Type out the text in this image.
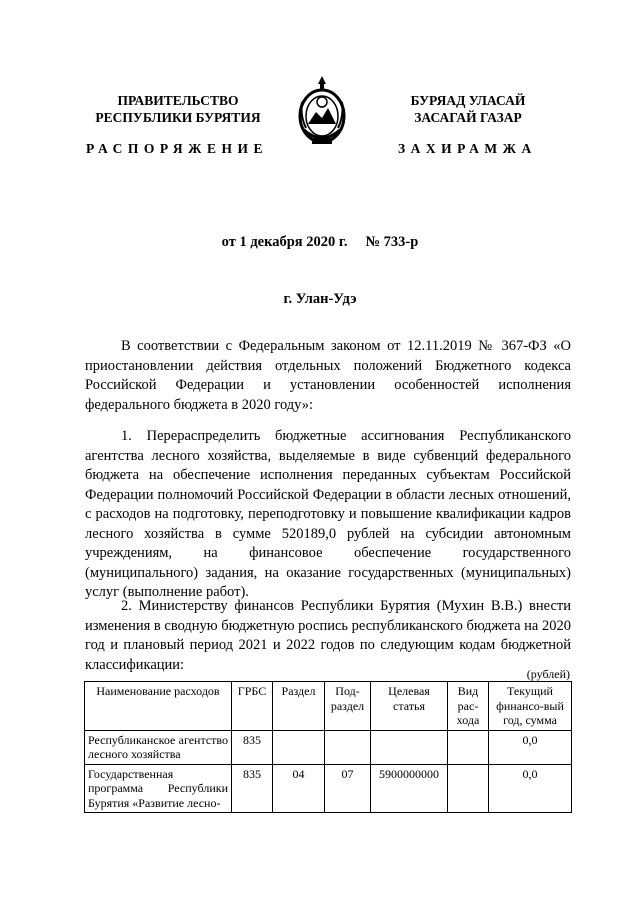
ПРАВИТЕЛЬСТВО
РЕСПУБЛИКИ БУРЯТИЯ
БУРЯАД УЛАСАЙ
ЗАСАГАЙ ГАЗАР
РАСПОРЯЖЕНИЕ	ЗАХИРАМЖА
от 1 декабря 2020 г. № 733-р
г. Улан-Удэ
В соответствии с Федеральным законом от 12.11.2019 № 367-ФЗ «О приостановлении действия отдельных положений Бюджетного кодекса Российской Федерации и установлении особенностей исполнения федерального бюджета в 2020 году»:
1. Перераспределить бюджетные ассигнования Республиканского агентства лесного хозяйства, выделяемые в виде субвенций федерального бюджета на обеспечение исполнения переданных субъектам Российской Федерации полномочий Российской Федерации в области лесных отношений, с расходов на подготовку, переподготовку и повышение квалификации кадров лесного хозяйства в сумме 520189,0 рублей на субсидии автономным учреждениям, на финансовое обеспечение государственного (муниципального) задания, на оказание государственных (муниципальных) услуг (выполнение работ).
2. Министерству финансов Республики Бурятия (Мухин В.В.) внести изменения в сводную бюджетную роспись республиканского бюджета на 2020 год и плановый период 2021 и 2022 годов по следующим кодам бюджетной классификации:
(рублей)
Наименование расходов	ГРБС	Раздел	Под-раздел	Целевая статья	Вид рас-хода	Текущий финансо-вый год, сумма
Республиканское агентство лесного хозяйства	835					0,0
Государственная программа Республики Бурятия «Развитие лесно-	835	04	07	5900000000		0,0
